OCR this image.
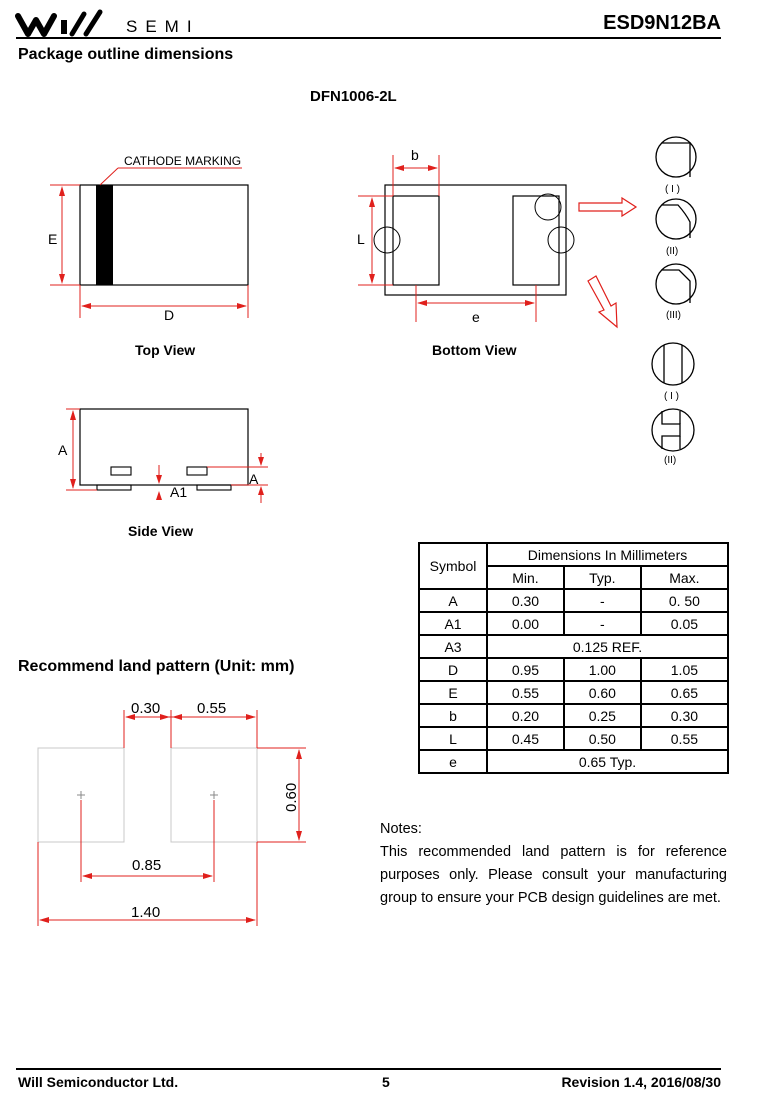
SEMI	ESD9N12BA
Package outline dimensions
DFN1006-2L
CATHODE MARKING
E
D
Top View
b
L
e
Bottom View
( I )
(II)
(III)
( I )
(II)
A
A1
A
Side View
Symbol	Dimensions In Millimeters		
	Min.	Typ.	Max.
A	0.30	-	0. 50
A1	0.00	-	0.05
A3	0.125 REF.		
D	0.95	1.00	1.05
E	0.55	0.60	0.65
b	0.20	0.25	0.30
L	0.45	0.50	0.55
e	0.65 Typ.		
Recommend land pattern (Unit: mm)
0.30 0.55
0.60
0.85
1.40
Notes:
This recommended land pattern is for reference purposes only. Please consult your manufacturing group to ensure your PCB design guidelines are met.
Will Semiconductor Ltd.	5	Revision 1.4, 2016/08/30
